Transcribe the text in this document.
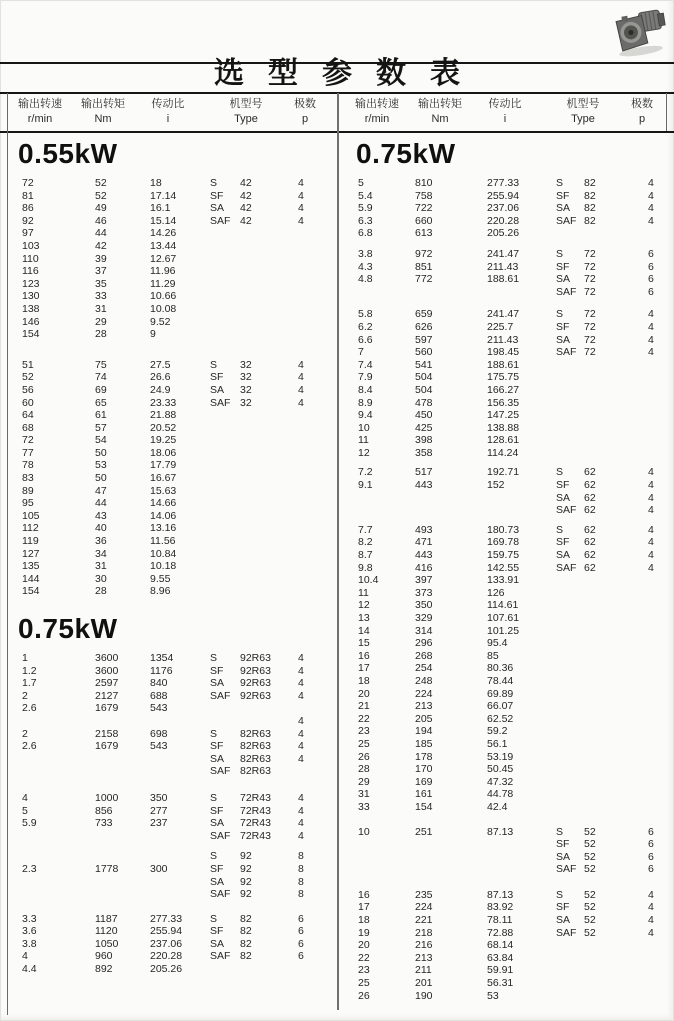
选型参数表
输出转速
r/min
输出转矩
Nm
传动比
i
机型号
Type
极数
p
输出转速
r/min
输出转矩
Nm
传动比
i
机型号
Type
极数
p
0.55kW
72	52	18	S	42	4
81	52	17.14	SF	42	4
86	49	16.1	SA	42	4
92	46	15.14	SAF 42	4
97	44	14.26
103	42	13.44
110	39	12.67
116	37	11.96
123	35	11.29
130	33	10.66
138	31	10.08
146	29	9.52
154	28	9
51	75	27.5	S	32	4
52	74	26.6	SF	32	4
56	69	24.9	SA	32	4
60	65	23.33	SAF 32	4
64	61	21.88
68	57	20.52
72	54	19.25
77	50	18.06
78	53	17.79
83	50	16.67
89	47	15.63
95	44	14.66
105	43	14.06
112	40	13.16
119	36	11.56
127	34	10.84
135	31	10.18
144	30	9.55
154	28	8.96
0.75kW
1	3600	1354	S	92R63	4
1.2	3600	1176	SF	92R63	4
1.7	2597	840	SA	92R63	4
2	2127	688	SAF 92R63	4
2.6	1679	543
4
2	2158	698	S	82R63	4
2.6	1679	543	SF	82R63	4
SA	82R63	4
SAF 82R63
4	1000	350	S	72R43	4
5	856	277	SF	72R43	4
5.9	733	237	SA	72R43	4
SAF 72R43	4
S	92	8
2.3	1778	300	SF	92	8
SA	92	8
SAF 92	8
3.3	1187	277.33	S	82	6
3.6	1120	255.94	SF	82	6
3.8	1050	237.06	SA	82	6
4	960	220.28	SAF 82	6
4.4	892	205.26
0.75kW
5	810	277.33	S	82	4
5.4	758	255.94	SF	82	4
5.9	722	237.06	SA	82	4
6.3	660	220.28	SAF 82	4
6.8	613	205.26
3.8	972	241.47	S	72	6
4.3	851	211.43	SF	72	6
4.8	772	188.61	SA	72	6
SAF 72	6
5.8	659	241.47	S	72	4
6.2	626	225.7	SF	72	4
6.6	597	211.43	SA	72	4
7	560	198.45	SAF 72	4
7.4	541	188.61
7.9	504	175.75
8.4	504	166.27
8.9	478	156.35
9.4	450	147.25
10	425	138.88
11	398	128.61
12	358	114.24
7.2	517	192.71	S	62	4
9.1	443	152	SF	62	4
SA	62	4
SAF 62	4
7.7	493	180.73	S	62	4
8.2	471	169.78	SF	62	4
8.7	443	159.75	SA	62	4
9.8	416	142.55	SAF 62	4
10.4	397	133.91
11	373	126
12	350	114.61
13	329	107.61
14	314	101.25
15	296	95.4
16	268	85
17	254	80.36
18	248	78.44
20	224	69.89
21	213	66.07
22	205	62.52
23	194	59.2
25	185	56.1
26	178	53.19
28	170	50.45
29	169	47.32
31	161	44.78
33	154	42.4
10	251	87.13	S	52	6
SF	52	6
SA	52	6
SAF 52	6
16	235	87.13	S	52	4
17	224	83.92	SF	52	4
18	221	78.11	SA	52	4
19	218	72.88	SAF 52	4
20	216	68.14
22	213	63.84
23	211	59.91
25	201	56.31
26	190	53
